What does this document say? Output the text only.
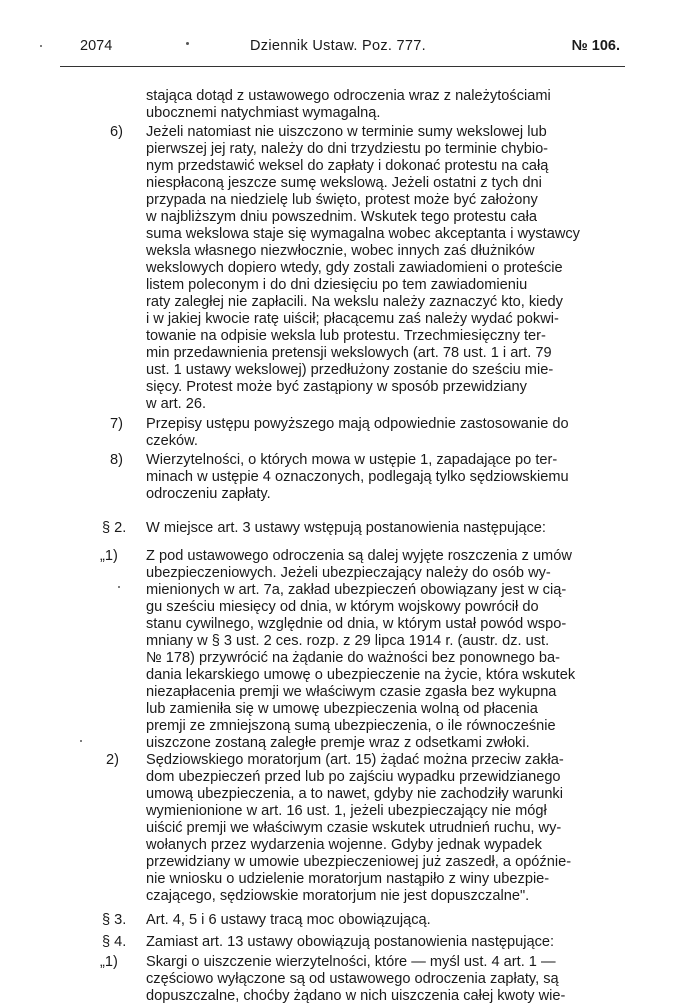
2074	Dziennik Ustaw. Poz. 777.	№ 106.
stająca dotąd z ustawowego odroczenia wraz z należytościami
ubocznemi natychmiast wymagalną.
6) Jeżeli natomiast nie uiszczono w terminie sumy wekslowej lub
pierwszej jej raty, należy do dni trzydziestu po terminie chybio-
nym przedstawić weksel do zapłaty i dokonać protestu na całą
niespłaconą jeszcze sumę wekslową. Jeżeli ostatni z tych dni
przypada na niedzielę lub święto, protest może być założony
w najbliższym dniu powszednim. Wskutek tego protestu cała
suma wekslowa staje się wymagalna wobec akceptanta i wystawcy
weksla własnego niezwłocznie, wobec innych zaś dłużników
wekslowych dopiero wtedy, gdy zostali zawiadomieni o proteście
listem poleconym i do dni dziesięciu po tem zawiadomieniu
raty zaległej nie zapłacili. Na wekslu należy zaznaczyć kto, kiedy
i w jakiej kwocie ratę uiścił; płacącemu zaś należy wydać pokwi-
towanie na odpisie weksla lub protestu. Trzechmiesięczny ter-
min przedawnienia pretensji wekslowych (art. 78 ust. 1 i art. 79
ust. 1 ustawy wekslowej) przedłużony zostanie do sześciu mie-
sięcy. Protest może być zastąpiony w sposób przewidziany
w art. 26.
7) Przepisy ustępu powyższego mają odpowiednie zastosowanie do
czeków.
8) Wierzytelności, o których mowa w ustępie 1, zapadające po ter-
minach w ustępie 4 oznaczonych, podlegają tylko sędziowskiemu
odroczeniu zapłaty.
§ 2. W miejsce art. 3 ustawy wstępują postanowienia następujące:
„1) Z pod ustawowego odroczenia są dalej wyjęte roszczenia z umów
ubezpieczeniowych. Jeżeli ubezpieczający należy do osób wy-
mienionych w art. 7a, zakład ubezpieczeń obowiązany jest w cią-
gu sześciu miesięcy od dnia, w którym wojskowy powrócił do
stanu cywilnego, względnie od dnia, w którym ustał powód wspo-
mniany w § 3 ust. 2 ces. rozp. z 29 lipca 1914 r. (austr. dz. ust.
№ 178) przywrócić na żądanie do ważności bez ponownego ba-
dania lekarskiego umowę o ubezpieczenie na życie, która wskutek
niezapłacenia premji we właściwym czasie zgasła bez wykupna
lub zamieniła się w umowę ubezpieczenia wolną od płacenia
premji ze zmniejszoną sumą ubezpieczenia, o ile równocześnie
uiszczone zostaną zaległe premje wraz z odsetkami zwłoki.
2) Sędziowskiego moratorjum (art. 15) żądać można przeciw zakła-
dom ubezpieczeń przed lub po zajściu wypadku przewidzianego
umową ubezpieczenia, a to nawet, gdyby nie zachodziły warunki
wymienionione w art. 16 ust. 1, jeżeli ubezpieczający nie mógł
uiścić premji we właściwym czasie wskutek utrudnień ruchu, wy-
wołanych przez wydarzenia wojenne. Gdyby jednak wypadek
przewidziany w umowie ubezpieczeniowej już zaszedł, a opóźnie-
nie wniosku o udzielenie moratorjum nastąpiło z winy ubezpie-
czającego, sędziowskie moratorjum nie jest dopuszczalne".
§ 3. Art. 4, 5 i 6 ustawy tracą moc obowiązującą.
§ 4. Zamiast art. 13 ustawy obowiązują postanowienia następujące:
„1) Skargi o uiszczenie wierzytelności, które — myśl ust. 4 art. 1 —
częściowo wyłączone są od ustawowego odroczenia zapłaty, są
dopuszczalne, choćby żądano w nich uiszczenia całej kwoty wie-
